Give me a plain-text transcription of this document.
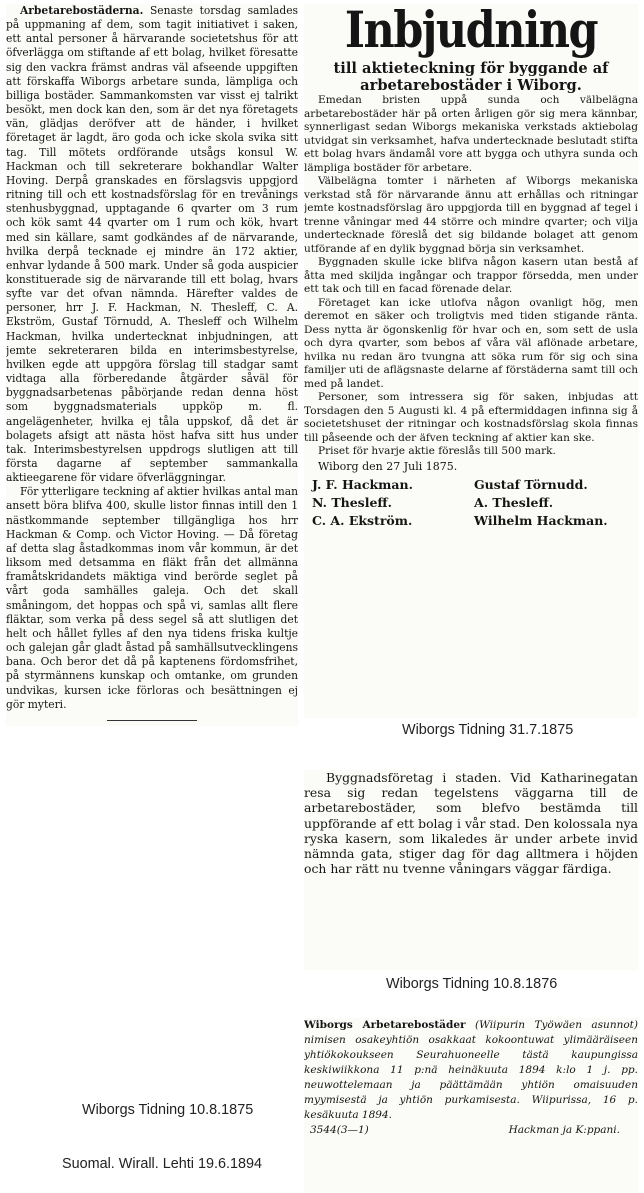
Arbetarebostäderna. Senaste torsdag samlades på uppmaning af dem, som tagit initiativet i saken, ett antal personer å härvarande societetshus för att öfverlägga om stiftande af ett bolag, hvilket föresatte sig den vackra främst andras väl afseende uppgiften att förskaffa Wiborgs arbetare sunda, lämpliga och billiga bostäder. Sammankomsten var visst ej talrikt besökt, men dock kan den, som är det nya företagets vän, glädjas deröfver att de händer, i hvilket företaget är lagdt, äro goda och icke skola svika sitt tag. Till mötets ordförande utsågs konsul W. Hackman och till sekreterare bokhandlar Walter Hoving. Derpå granskades en förslagsvis uppgjord ritning till och ett kostnadsförslag för en trevånings stenhusbyggnad, upptagande 6 qvarter om 3 rum och kök samt 44 qvarter om 1 rum och kök, hvart med sin källare, samt godkändes af de närvarande, hvilka derpå tecknade ej mindre än 172 aktier, enhvar lydande å 500 mark. Under så goda auspicier konstituerade sig de närvarande till ett bolag, hvars syfte var det ofvan nämnda. Härefter valdes de personer, hrr J. F. Hackman, N. Thesleff, C. A. Ekström, Gustaf Törnudd, A. Thesleff och Wilhelm Hackman, hvilka undertecknat inbjudningen, att jemte sekreteraren bilda en interimsbestyrelse, hvilken egde att uppgöra förslag till stadgar samt vidtaga alla förberedande åtgärder såväl för byggnadsarbetenas påbörjande redan denna höst som byggnadsmaterials uppköp m. fl. angelägenheter, hvilka ej tåla uppskof, då det är bolagets afsigt att nästa höst hafva sitt hus under tak. Interimsbestyrelsen uppdrogs slutligen att till första dagarne af september sammankalla aktieegarene för vidare öfverläggningar.

För ytterligare teckning af aktier hvilkas antal man ansett böra blifva 400, skulle listor finnas intill den 1 nästkommande september tillgängliga hos hrr Hackman & Comp. och Victor Hoving. — Då företag af detta slag åstadkommas inom vår kommun, är det liksom med detsamma en fläkt från det allmänna framåtskridandets mäktiga vind berörde seglet på vårt goda samhälles galeja. Och det skall småningom, det hoppas och spå vi, samlas allt flere fläktar, som verka på dess segel så att slutligen det helt och hållet fylles af den nya tidens friska kultje och galejan går gladt åstad på samhällsutvecklingens bana. Och beror det då på kaptenens fördomsfrihet, på styrmännens kunskap och omtanke, om grunden undvikas, kursen icke förloras och besättningen ej gör myteri.

Inbjudning
till aktieteckning för byggande af
arbetarebostäder i Wiborg.

Emedan bristen uppå sunda och välbelägna arbetarebostäder här på orten årligen gör sig mera kännbar, synnerligast sedan Wiborgs mekaniska verkstads aktiebolag utvidgat sin verksamhet, hafva undertecknade beslutadt stifta ett bolag hvars ändamål vore att bygga och uthyra sunda och lämpliga bostäder för arbetare.

Välbelägna tomter i närheten af Wiborgs mekaniska verkstad stå för närvarande ännu att erhållas och ritningar jemte kostnadsförslag äro uppgjorda till en byggnad af tegel i trenne våningar med 44 större och mindre qvarter; och vilja undertecknade föreslå det sig bildande bolaget att genom utförande af en dylik byggnad börja sin verksamhet.

Byggnaden skulle icke blifva någon kasern utan bestå af åtta med skiljda ingångar och trappor försedda, men under ett tak och till en facad förenade delar.

Företaget kan icke utlofva någon ovanligt hög, men deremot en säker och troligtvis med tiden stigande ränta. Dess nytta är ögonskenlig för hvar och en, som sett de usla och dyra qvarter, som bebos af våra väl aflönade arbetare, hvilka nu redan äro tvungna att söka rum för sig och sina familjer uti de aflägsnaste delarne af förstäderna samt till och med på landet.

Personer, som intressera sig för saken, inbjudas att Torsdagen den 5 Augusti kl. 4 på eftermiddagen infinna sig å societetshuset der ritningar och kostnadsförslag skola finnas till påseende och der äfven teckning af aktier kan ske.

Priset för hvarje aktie föreslås till 500 mark.

Wiborg den 27 Juli 1875.

J. F. Hackman.	Gustaf Törnudd.
N. Thesleff.	A. Thesleff.
C. A. Ekström.	Wilhelm Hackman.
Wiborgs Tidning 31.7.1875

Byggnadsföretag i staden. Vid Katharinegatan resa sig redan tegelstens väggarna till de arbetarebostäder, som blefvo bestämda till uppförande af ett bolag i vår stad. Den kolossala nya ryska kasern, som likaledes är under arbete invid nämnda gata, stiger dag för dag alltmera i höjden och har rätt nu tvenne våningars väggar färdiga.

Wiborgs Tidning 10.8.1876

Wiborgs Arbetarebostäder (Wiipurin Työwäen asunnot) nimisen osakeyhtiön osakkaat kokoontuwat ylimääräiseen yhtiökokoukseen Seurahuoneelle tästä kaupungissa keskiwiikkona 11 p:nä heinäkuuta 1894 k:lo 1 j. pp. neuwottelemaan ja päättämään yhtiön omaisuuden myymisestä ja yhtiön purkamisesta. Wiipurissa, 16 p. kesäkuuta 1894.

3544(3—1)	Hackman ja K:ppani.
Wiborgs Tidning 10.8.1875
Suomal. Wirall. Lehti 19.6.1894
